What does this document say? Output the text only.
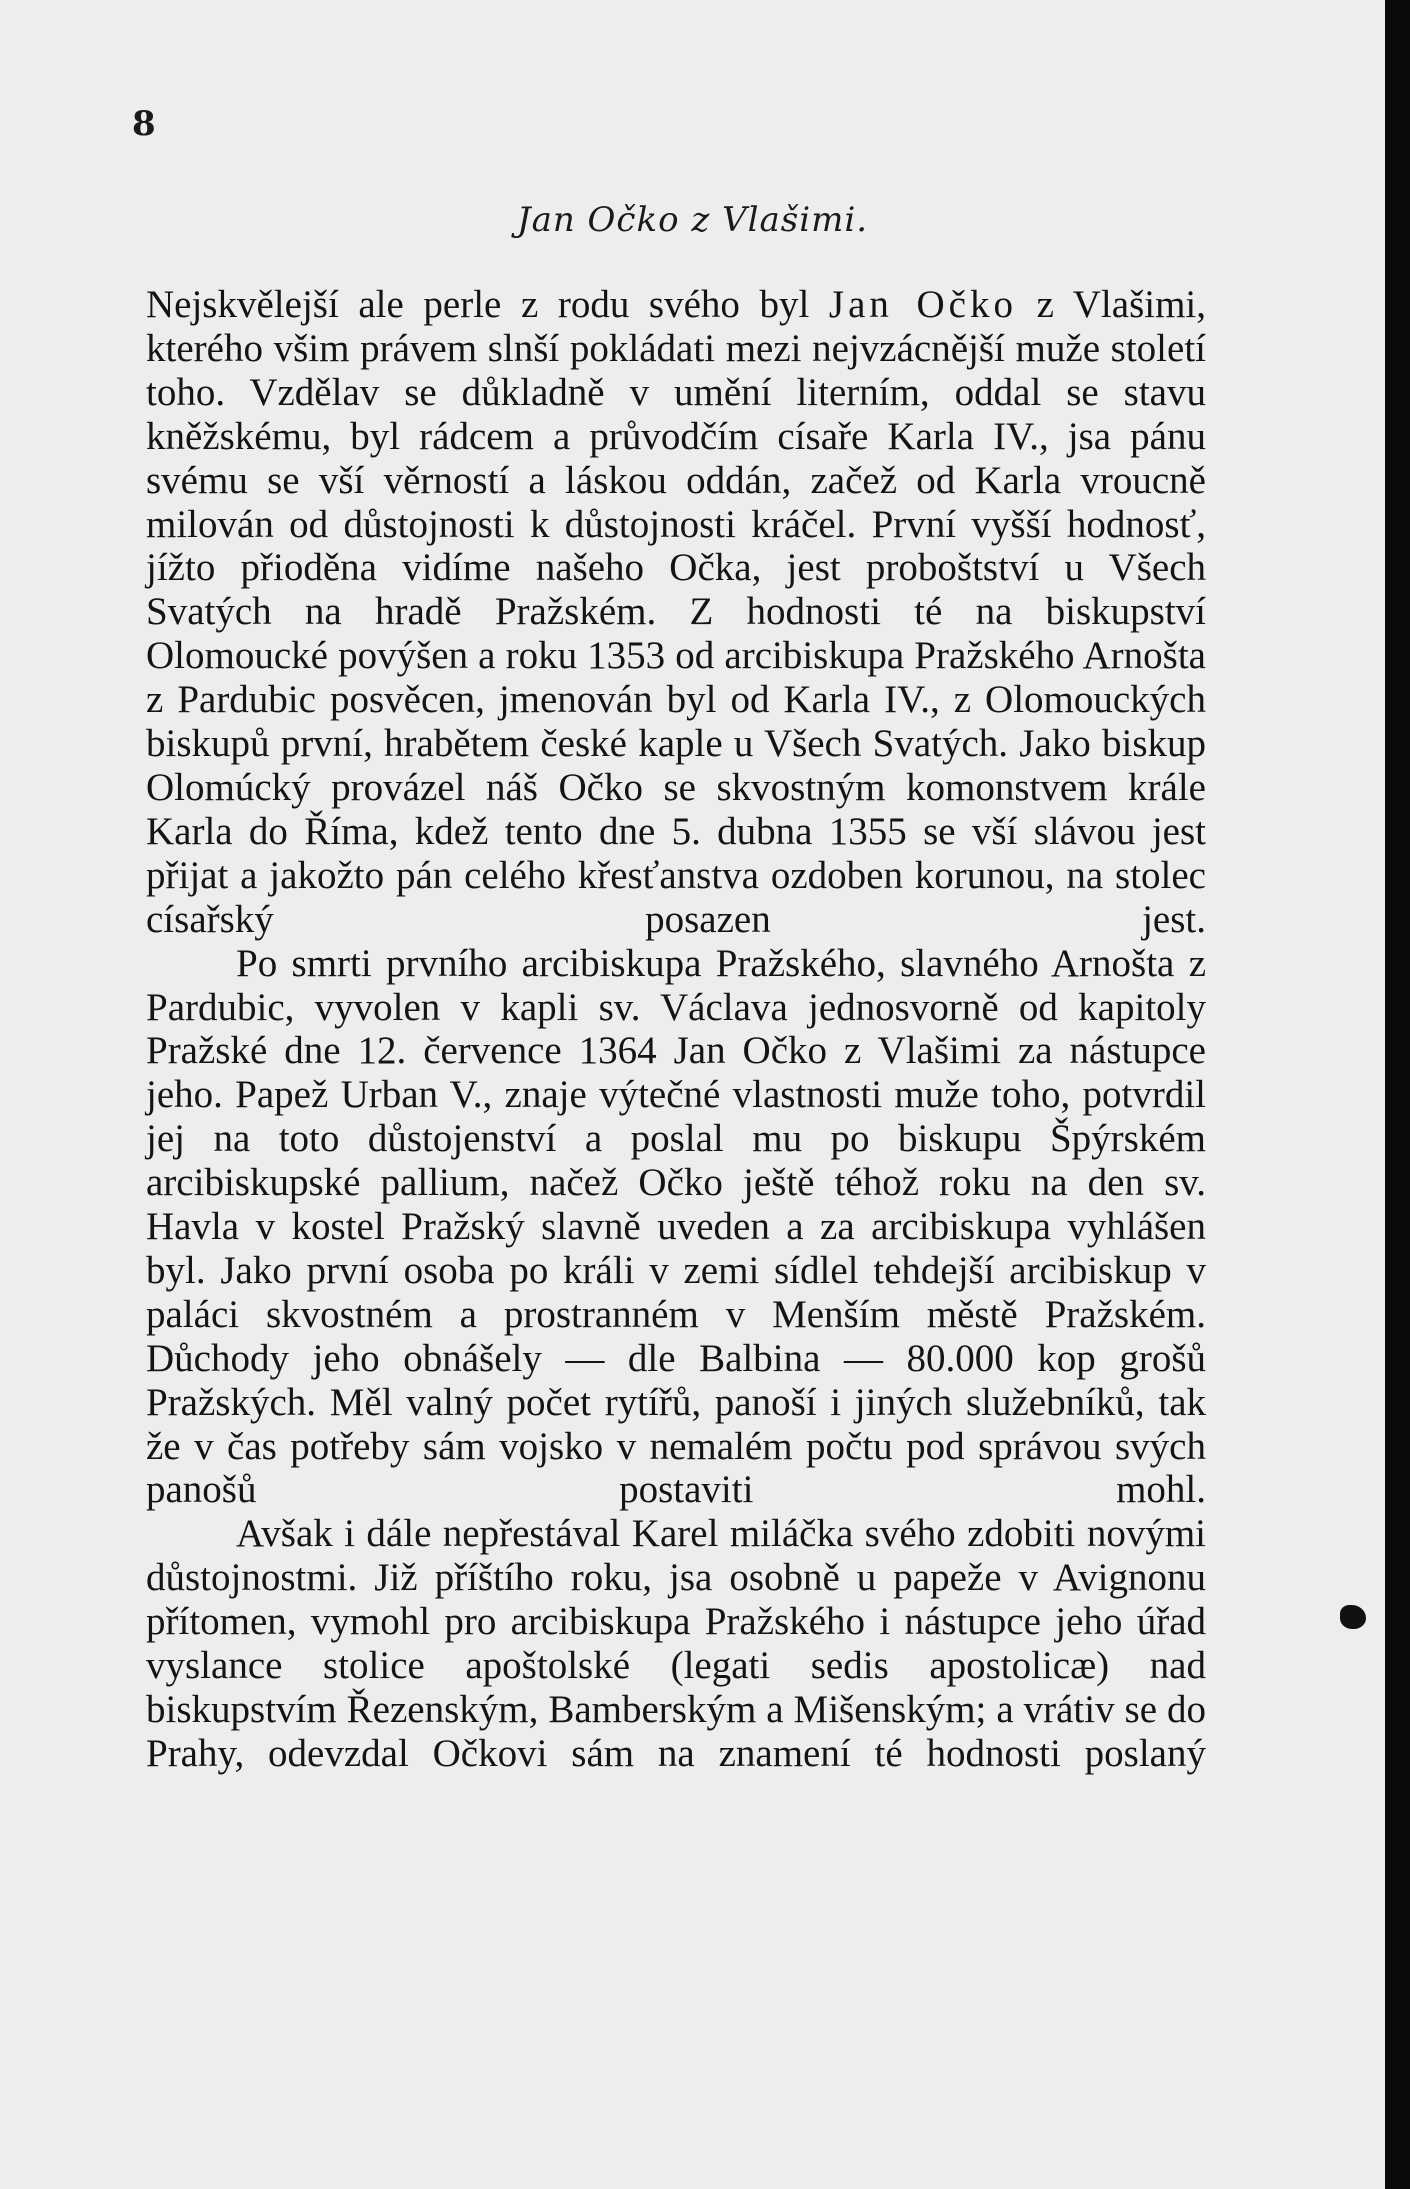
8
Jan Očko z Vlašimi.

Nejskvělejší ale perle z rodu svého byl Jan Očko z Vlašimi, kteréhо všim právem slnší pokládati mezi nejvzácnější muže století toho. Vzdělav se důkladně v umění literním, oddal se stavu kněžskému, byl rádcem a průvodčím císaře Karla IV., jsa pánu svému se vší věrností a láskou oddán, začež od Karla vroucně milován od důstojnosti k důstojnosti kráčel. První vyšší hodnosť, jížto přioděna vidíme našeho Očka, jest proboštství u Všech Svatých na hradě Pražském. Z hodnosti té na biskupství Olomoucké povýšen a roku 1353 od arcibiskupa Pražského Arnošta z Pardubic posvěcen, jmenován byl od Karla IV., z Olomouckých biskupů první, hrabětem české kaple u Všech Svatých. Jako biskup Olomúcký provázel náš Očko se skvostným komonstvem krále Karla do Říma, kdež tento dne 5. dubna 1355 se vší slávou jest přijat a jakožto pán celého křesťanstva ozdoben korunou, na stolec císařský posazen jest.

Po smrti prvního arcibiskupa Pražského, slavného Arnošta z Pardubic, vyvolen v kapli sv. Václava jednosvorně od kapitoly Pražské dne 12. července 1364 Jan Očko z Vlašimi za nástupce jeho. Papež Urban V., znaje výtečné vlastnosti muže toho, potvrdil jej na toto důstojenství a poslal mu po biskupu Špýrském arcibiskupské pallium, načež Očko ještě téhož roku na den sv. Havla v kostel Pražský slavně uveden a za arcibiskupa vyhlášen byl. Jako první osoba po králi v zemi sídlel tehdejší arcibiskup v paláci skvostném a prostranném v Menším městě Pražském. Důchody jeho obnášely — dle Balbina — 80.000 kop grošů Pražských. Měl valný počet rytířů, panoší i jiných služebníků, tak že v čas potřeby sám vojsko v nemalém počtu pod správou svých panošů postaviti mohl.

Avšak i dále nepřestával Karel miláčka svého zdobiti novými důstojnostmi. Již příštího roku, jsa osobně u papeže v Avignonu přítomen, vymohl pro arcibiskupa Pražského i nástupce jeho úřad vyslance stolice apoštolské (legati sedis apostolicæ) nad biskupstvím Řezenským, Bamberským a Mišenským; a vrátiv se do Prahy, odevzdal Očkovi sám na znamení té hodnosti poslaný
